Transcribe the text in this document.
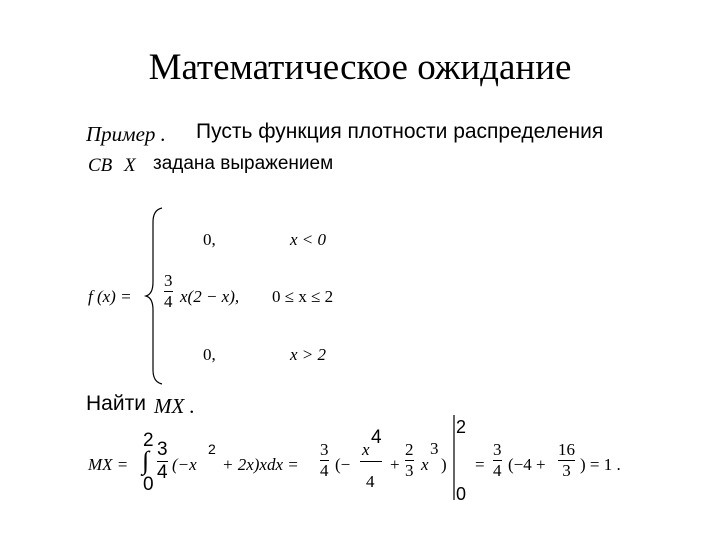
Математическое ожидание
Пример . Пусть функция плотности распределения
СВ X задана выражением
f (x) =
0,	x < 0
3
4 x(2 − x), 0 ≤ x ≤ 2
0,	x > 2
Найти MX .
MX =
2
∫
0
3
4 (−x
2
+ 2x)xdx =
3
4 (−
x
4
4
+
2
3 x
3
)
2
0
=
3
4 (−4 +
16
3 ) = 1 .
